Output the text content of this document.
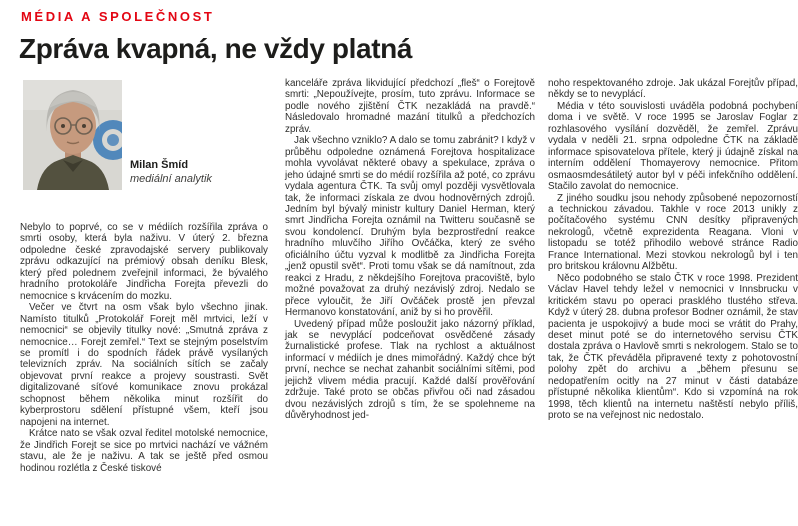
MÉDIA A SPOLEČNOST
Zpráva kvapná, ne vždy platná
Milan Šmíd
mediální analytik

Nebylo to poprvé, co se v médiích rozšířila zpráva o smrti osoby, která byla naživu. V úterý 2. března odpoledne české zpravodajské servery publikovaly zprávu odkazující na prémiový obsah deníku Blesk, který před polednem zveřejnil informaci, že bývalého hradního protokoláře Jindřicha Forejta převezli do nemocnice s krvácením do mozku.

Večer ve čtvrt na osm však bylo všechno jinak. Namísto titulků „Protokolář Forejt měl mrtvici, leží v nemocnici“ se objevily titulky nové: „Smutná zpráva z nemocnice… Forejt zemřel.“ Text se stejným poselstvím se promítl i do spodních řádek právě vysílaných televizních zpráv. Na sociálních sítích se začaly objevovat první reakce a projevy soustrasti. Svět digitalizované síťové komunikace znovu prokázal schopnost během několika minut rozšířit do kyberprostoru sdělení přístupné všem, kteří jsou napojeni na internet.

Krátce nato se však ozval ředitel motolské nemocnice, že Jindřich Forejt se sice po mrtvici nachází ve vážném stavu, ale že je naživu. A tak se ještě před osmou hodinou rozlétla z České tiskové

kanceláře zpráva likvidující předchozí „fleš“ o Forejtově smrti: „Nepoužívejte, prosím, tuto zprávu. Informace se podle nového zjištění ČTK nezakládá na pravdě.“ Následovalo hromadné mazání titulků a předchozích zpráv.

Jak všechno vzniklo? A dalo se tomu zabránit? I když v průběhu odpoledne oznámená Forejtova hospitalizace mohla vyvolávat některé obavy a spekulace, zpráva o jeho údajné smrti se do médií rozšířila až poté, co zprávu vydala agentura ČTK. Ta svůj omyl později vysvětlovala tak, že informaci získala ze dvou hodnověrných zdrojů. Jedním byl bývalý ministr kultury Daniel Herman, který smrt Jindřicha Forejta oznámil na Twitteru současně se svou kondolencí. Druhým byla bezprostřední reakce hradního mluvčího Jiřího Ovčáčka, který ze svého oficiálního účtu vyzval k modlitbě za Jindřicha Forejta „jenž opustil svět“. Proti tomu však se dá namítnout, zda reakci z Hradu, z někdejšího Forejtova pracoviště, bylo možné považovat za druhý nezávislý zdroj. Nedalo se přece vyloučit, že Jiří Ovčáček prostě jen převzal Hermanovo konstatování, aniž by si ho prověřil.

Uvedený případ může posloužit jako názorný příklad, jak se nevyplácí podceňovat osvědčené zásady žurnalistické profese. Tlak na rychlost a aktuálnost informací v médiích je dnes mimořádný. Každý chce být první, nechce se nechat zahanbit sociálními sítěmi, pod jejichž vlivem média pracují. Každé další prověřování zdržuje. Také proto se občas přivřou oči nad zásadou dvou nezávislých zdrojů s tím, že se spolehneme na důvěryhodnost jed-

noho respektovaného zdroje. Jak ukázal Forejtův případ, někdy se to nevyplácí.

Média v této souvislosti uváděla podobná pochybení doma i ve světě. V roce 1995 se Jaroslav Foglar z rozhlasového vysílání dozvěděl, že zemřel. Zprávu vydala v neděli 21. srpna odpoledne ČTK na základě informace spisovatelova přítele, který ji údajně získal na interním oddělení Thomayerovy nemocnice. Přitom osmaosmdesátiletý autor byl v péči infekčního oddělení. Stačilo zavolat do nemocnice.

Z jiného soudku jsou nehody způsobené nepozorností a technickou závadou. Takhle v roce 2013 unikly z počítačového systému CNN desítky připravených nekrologů, včetně exprezidenta Reagana. Vloni v listopadu se totéž přihodilo webové stránce Radio France International. Mezi stovkou nekrologů byl i ten pro britskou královnu Alžbětu.

Něco podobného se stalo ČTK v roce 1998. Prezident Václav Havel tehdy ležel v nemocnici v Innsbrucku v kritickém stavu po operaci prasklého tlustého střeva. Když v úterý 28. dubna profesor Bodner oznámil, že stav pacienta je uspokojivý a bude moci se vrátit do Prahy, deset minut poté se do internetového servisu ČTK dostala zpráva o Havlově smrti s nekrologem. Stalo se to tak, že ČTK převáděla připravené texty z pohotovostní polohy zpět do archivu a „během přesunu se nedopatřením ocitly na 27 minut v části databáze přístupné několika klientům“. Kdo si vzpomíná na rok 1998, těch klientů na internetu naštěstí nebylo příliš, proto se na veřejnost nic nedostalo.
